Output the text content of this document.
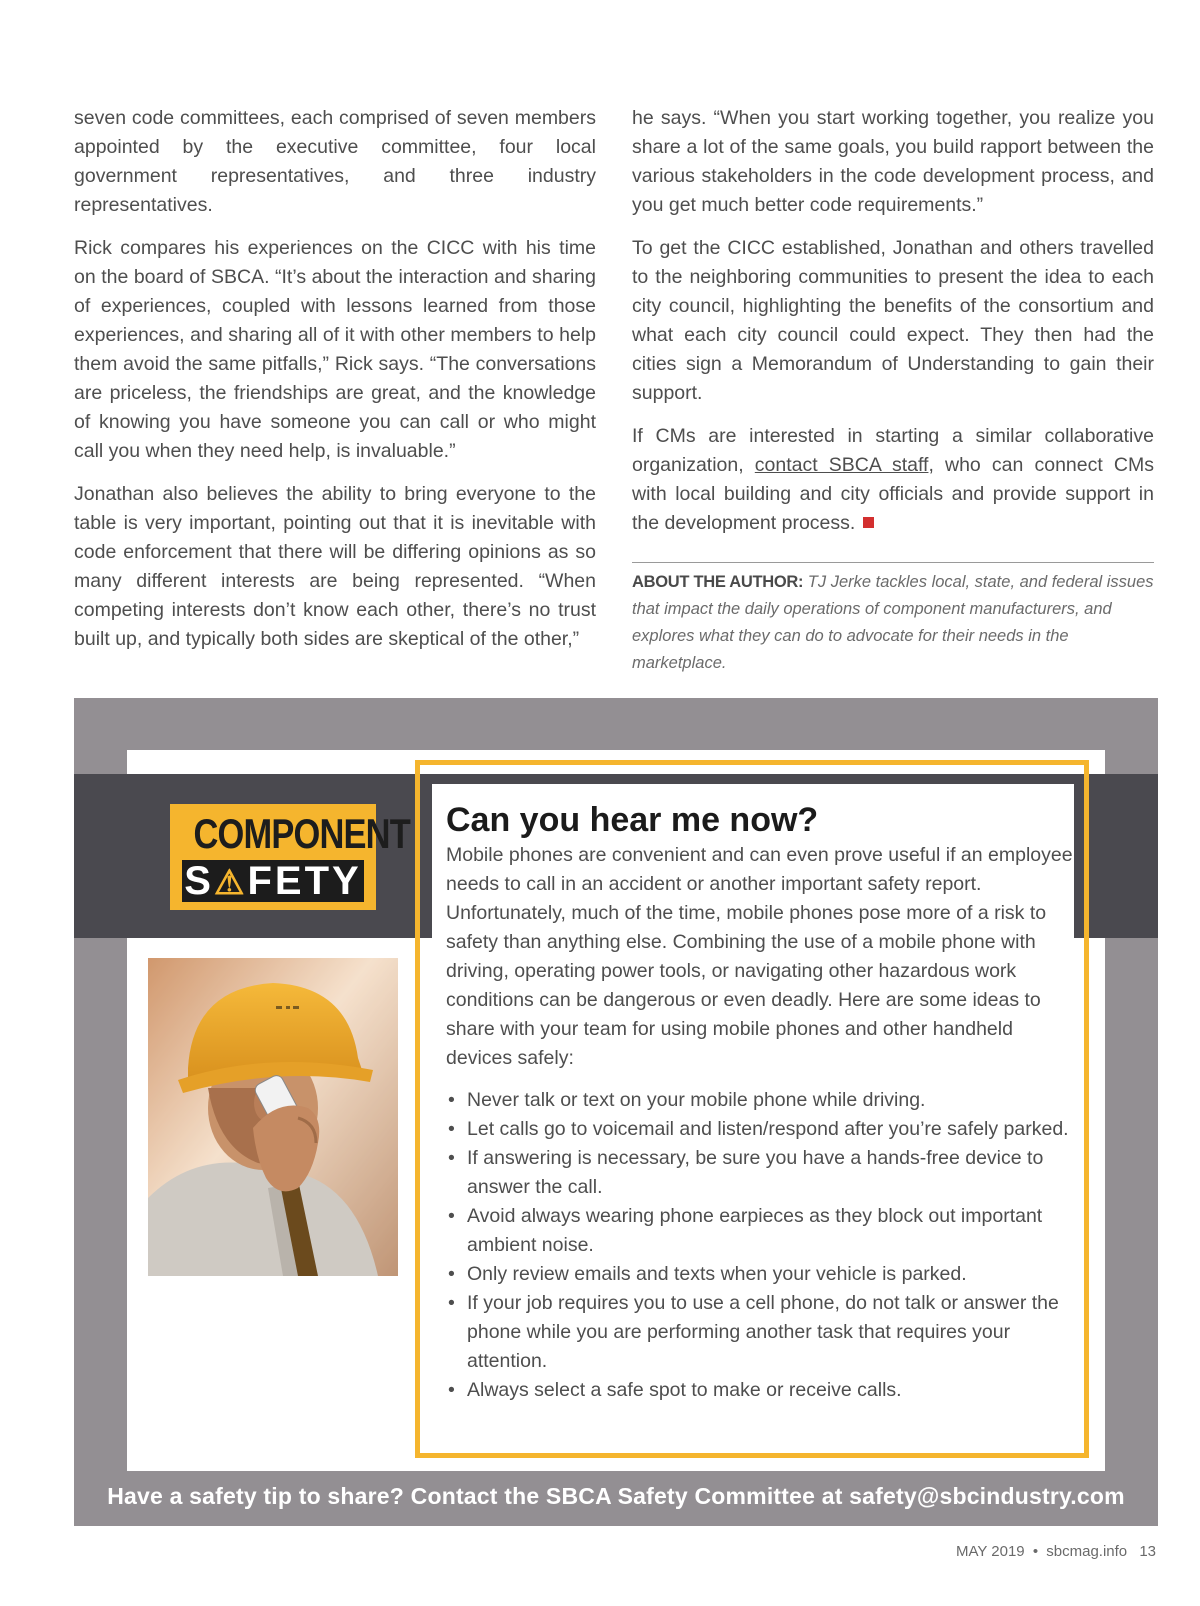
seven code committees, each comprised of seven members appointed by the executive committee, four local government representatives, and three industry representatives.

Rick compares his experiences on the CICC with his time on the board of SBCA. “It’s about the interaction and sharing of experiences, coupled with lessons learned from those experiences, and sharing all of it with other members to help them avoid the same pitfalls,” Rick says. “The conversations are priceless, the friendships are great, and the knowledge of knowing you have someone you can call or who might call you when they need help, is invaluable.”

Jonathan also believes the ability to bring everyone to the table is very important, pointing out that it is inevitable with code enforcement that there will be differing opinions as so many different interests are being represented. “When competing interests don’t know each other, there’s no trust built up, and typically both sides are skeptical of the other,”

he says. “When you start working together, you realize you share a lot of the same goals, you build rapport between the various stakeholders in the code development process, and you get much better code requirements.”

To get the CICC established, Jonathan and others travelled to the neighboring communities to present the idea to each city council, highlighting the benefits of the consortium and what each city council could expect. They then had the cities sign a Memorandum of Understanding to gain their support.

If CMs are interested in starting a similar collaborative organization, contact SBCA staff, who can connect CMs with local building and city officials and provide support in the development process.

ABOUT THE AUTHOR: TJ Jerke tackles local, state, and federal issues that impact the daily operations of component manufacturers, and explores what they can do to advocate for their needs in the marketplace.
COMPONENT
S⚠FETY
Can you hear me now?

Mobile phones are convenient and can even prove useful if an employee needs to call in an accident or another important safety report. Unfortunately, much of the time, mobile phones pose more of a risk to safety than anything else. Combining the use of a mobile phone with driving, operating power tools, or navigating other hazardous work conditions can be dangerous or even deadly. Here are some ideas to share with your team for using mobile phones and other handheld devices safely:

• Never talk or text on your mobile phone while driving.
• Let calls go to voicemail and listen/respond after you’re safely parked.
• If answering is necessary, be sure you have a hands-free device to answer the call.
• Avoid always wearing phone earpieces as they block out important ambient noise.
• Only review emails and texts when your vehicle is parked.
• If your job requires you to use a cell phone, do not talk or answer the phone while you are performing another task that requires your attention.
• Always select a safe spot to make or receive calls.
Have a safety tip to share? Contact the SBCA Safety Committee at safety@sbcindustry.com
MAY 2019 • sbcmag.info 13
